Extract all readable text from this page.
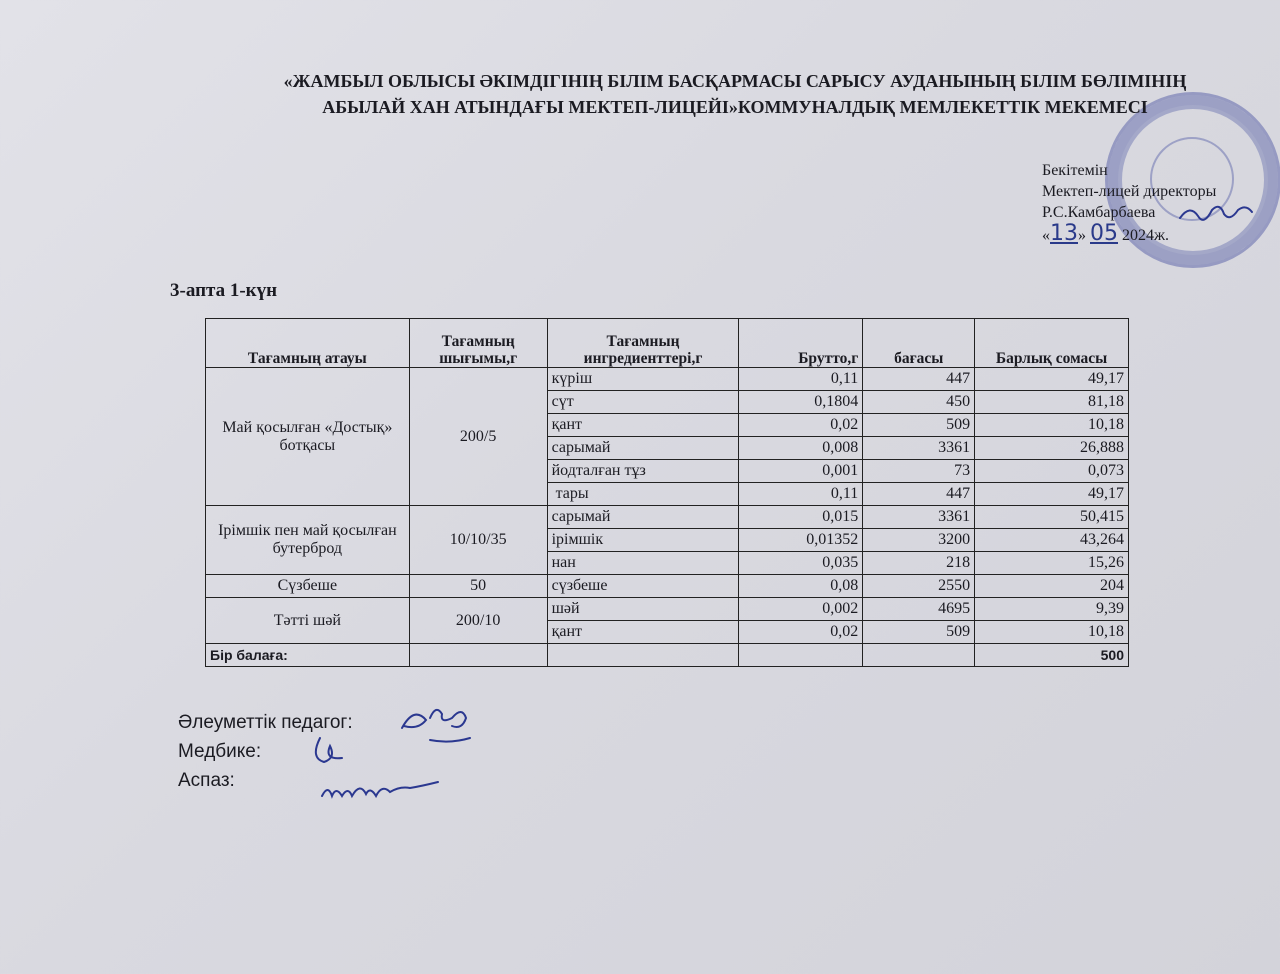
«ЖАМБЫЛ ОБЛЫСЫ ӘКІМДІГІНІҢ БІЛІМ БАСҚАРМАСЫ САРЫСУ АУДАНЫНЫҢ БІЛІМ БӨЛІМІНІҢ
АБЫЛАЙ ХАН АТЫНДАҒЫ МЕКТЕП-ЛИЦЕЙІ»КОММУНАЛДЫҚ МЕМЛЕКЕТТІК МЕКЕМЕСІ
Бекітемін
Мектеп-лицей директоры
Р.С.Камбарбаева
«13» 05 2024ж.
3-апта 1-күн
Тағамның атауы	Тағамның шығымы,г	Тағамның ингредиенттері,г	Брутто,г	бағасы	Барлық сомасы
Май қосылған «Достық» ботқасы	200/5	күріш	0,11	447	49,17
		сүт	0,1804	450	81,18
		қант	0,02	509	10,18
		сарымай	0,008	3361	26,888
		йодталған тұз	0,001	73	0,073
		тары	0,11	447	49,17
Ірімшік пен май қосылған бутерброд	10/10/35	сарымай	0,015	3361	50,415
		ірімшік	0,01352	3200	43,264
		нан	0,035	218	15,26
Сүзбеше	50	сүзбеше	0,08	2550	204
Тәтті шәй	200/10	шәй	0,002	4695	9,39
		қант	0,02	509	10,18
Бір балаға:					500
Әлеуметтік педагог:
Медбике:
Аспаз:
